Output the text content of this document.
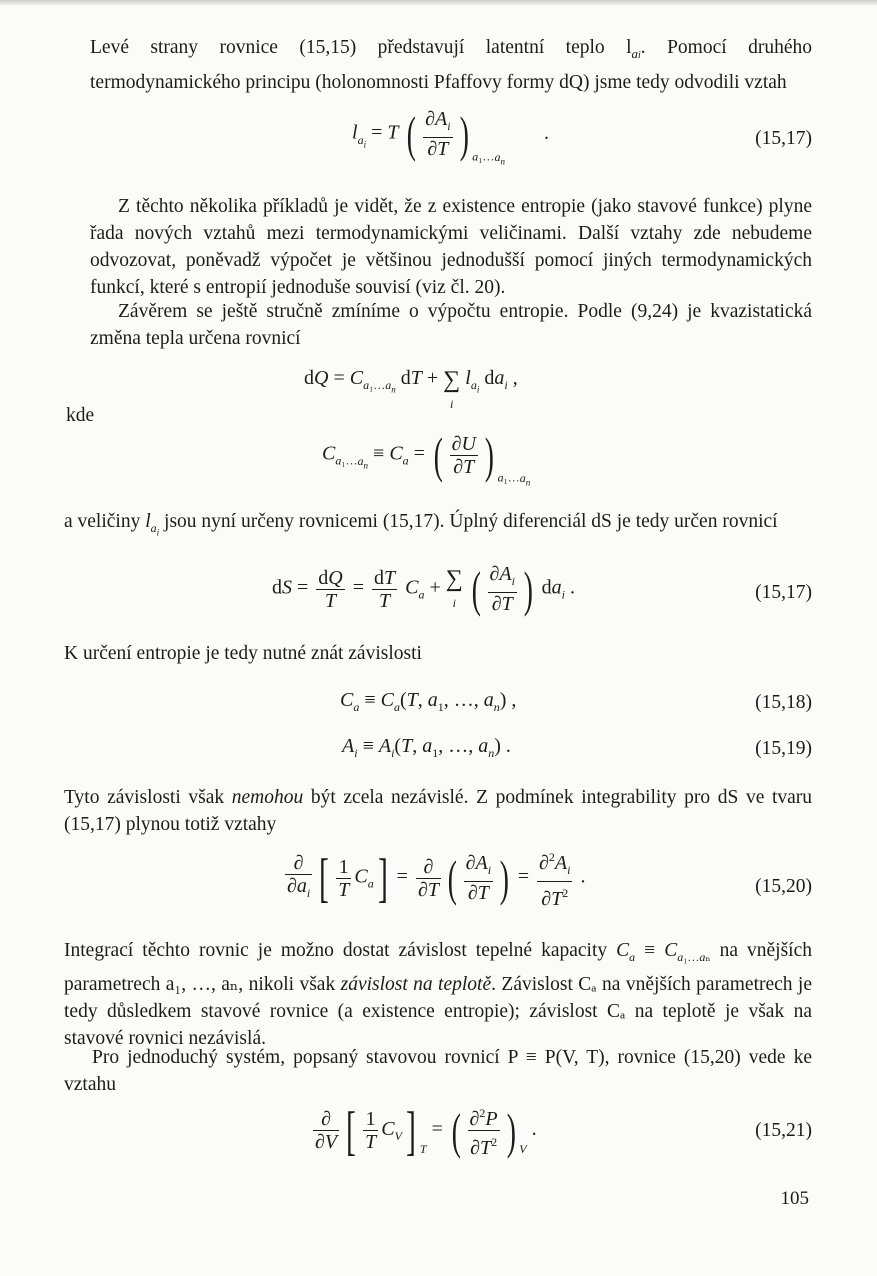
Levé strany rovnice (15,15) představují latentní teplo $l_{ai}$. Pomocí druhého termodynamického principu (holonomnosti Pfaffovy formy dQ) jsme tedy odvodili vztah

$l_{a_i} = T$ ( $\frac{\partial A_i}{\partial T}$ ) $_{a_1\dots a_n}$ .	(15,17)

Z těchto několika příkladů je vidět, že z existence entropie (jako stavové funkce) plyne řada nových vztahů mezi termodynamickými veličinami. Další vztahy zde nebudeme odvozovat, poněvadž výpočet je většinou jednodušší pomocí jiných termodynamických funkcí, které s entropií jednoduše souvisí (viz čl. 20).

Závěrem se ještě stručně zmíníme o výpočtu entropie. Podle (9,24) je kvazistatická změna tepla určena rovnicí

dQ = $C_{a_1\dots a_n}$ dT + ∑
i $l_{a_i}$ $da_i$ ,
kde
$C_{a_1\dots a_n} \equiv C_a$ = ( $\frac{\partial U}{\partial T}$ ) $_{a_1\dots a_n}$

a veličiny $l_{a_i}$ jsou nyní určeny rovnicemi (15,17). Úplný diferenciál dS je tedy určen rovnicí

dS = $\frac{dQ}{T} = \frac{dT}{T} C_a$ + ∑
i ( $\frac{\partial A_i}{\partial T}$ ) $da_i$ .	(15,17)

K určení entropie je tedy nutné znát závislosti

$C_a \equiv C_a(T$, $a_1$, …, $a_n$) ,	(15,18)
$A_i \equiv A_i(T$, $a_1$, …, $a_n$) .	(15,19)

Tyto závislosti však nemohou být zcela nezávislé. Z podmínek integrability pro dS ve tvaru (15,17) plynou totiž vztahy

$\frac{\partial}{\partial a_i}$ [ $\frac{1}{T} C_a] = \frac{\partial}{\partial T}$ ( $\frac{\partial A_i}{\partial T}$ ) = $\frac{\partial^2A_i}{\partial T^2}$ .	(15,20)

Integrací těchto rovnic je možno dostat závislost tepelné kapacity $C_a \equiv C_{a_1\dots a_n}$ na vnějších parametrech a₁, …, aₙ, nikoli však závislost na teplotě. Závislost Cₐ na vnějších parametrech je tedy důsledkem stavové rovnice (a existence entropie); závislost Cₐ na teplotě je však na stavové rovnici nezávislá.

Pro jednoduchý systém, popsaný stavovou rovnicí P ≡ P(V, T), rovnice (15,20) vede ke vztahu

$\frac{\partial}{\partial V}$ [ $\frac{1}{T} C_V$] $_T$ = ( $\frac{\partial^2P}{\partial T^2}$ ) $_V$ .	(15,21)
105
